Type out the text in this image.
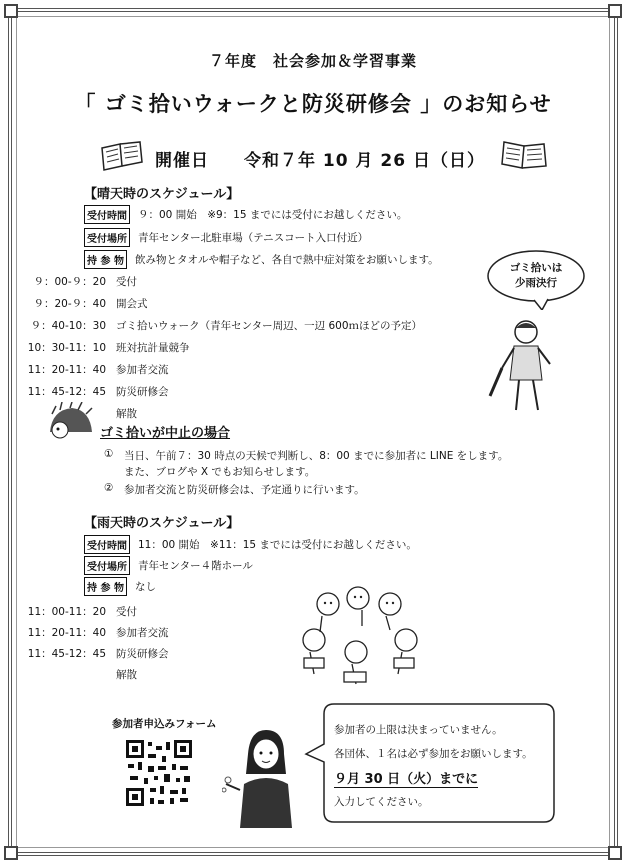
７年度　社会参加＆学習事業
「 ゴミ拾いウォークと防災研修会 」のお知らせ
開催日 令和７年 10 月 26 日（日）
【晴天時のスケジュール】
受付時間 ９：00 開始　※9：15 までには受付にお越しください。
受付場所 青年センター北駐車場（テニスコート入口付近）
持 参 物 飲み物とタオルや帽子など、各自で熱中症対策をお願いします。
９：00-９：20 受付
９：20-９：40 開会式
９：40-10：30 ゴミ拾いウォーク（青年センター周辺、一辺 600ｍほどの予定）
10：30-11：10 班対抗計量競争
11：20-11：40 参加者交流
11：45-12：45 防災研修会
解散
ゴミ拾いは
少雨決行
ゴミ拾いが中止の場合
① 当日、午前７：30 時点の天候で判断し、8：00 までに参加者に LINE をします。
また、ブログや X でもお知らせします。
② 参加者交流と防災研修会は、予定通りに行います。
【雨天時のスケジュール】
受付時間 11：00 開始　※11：15 までには受付にお越しください。
受付場所 青年センター４階ホール
持 参 物 なし
11：00-11：20 受付
11：20-11：40 参加者交流
11：45-12：45 防災研修会
解散
参加者申込みフォーム	参加者の上限は決まっていません。
各団体、１名は必ず参加をお願いします。
９月 30 日（火）までに
入力してください。
